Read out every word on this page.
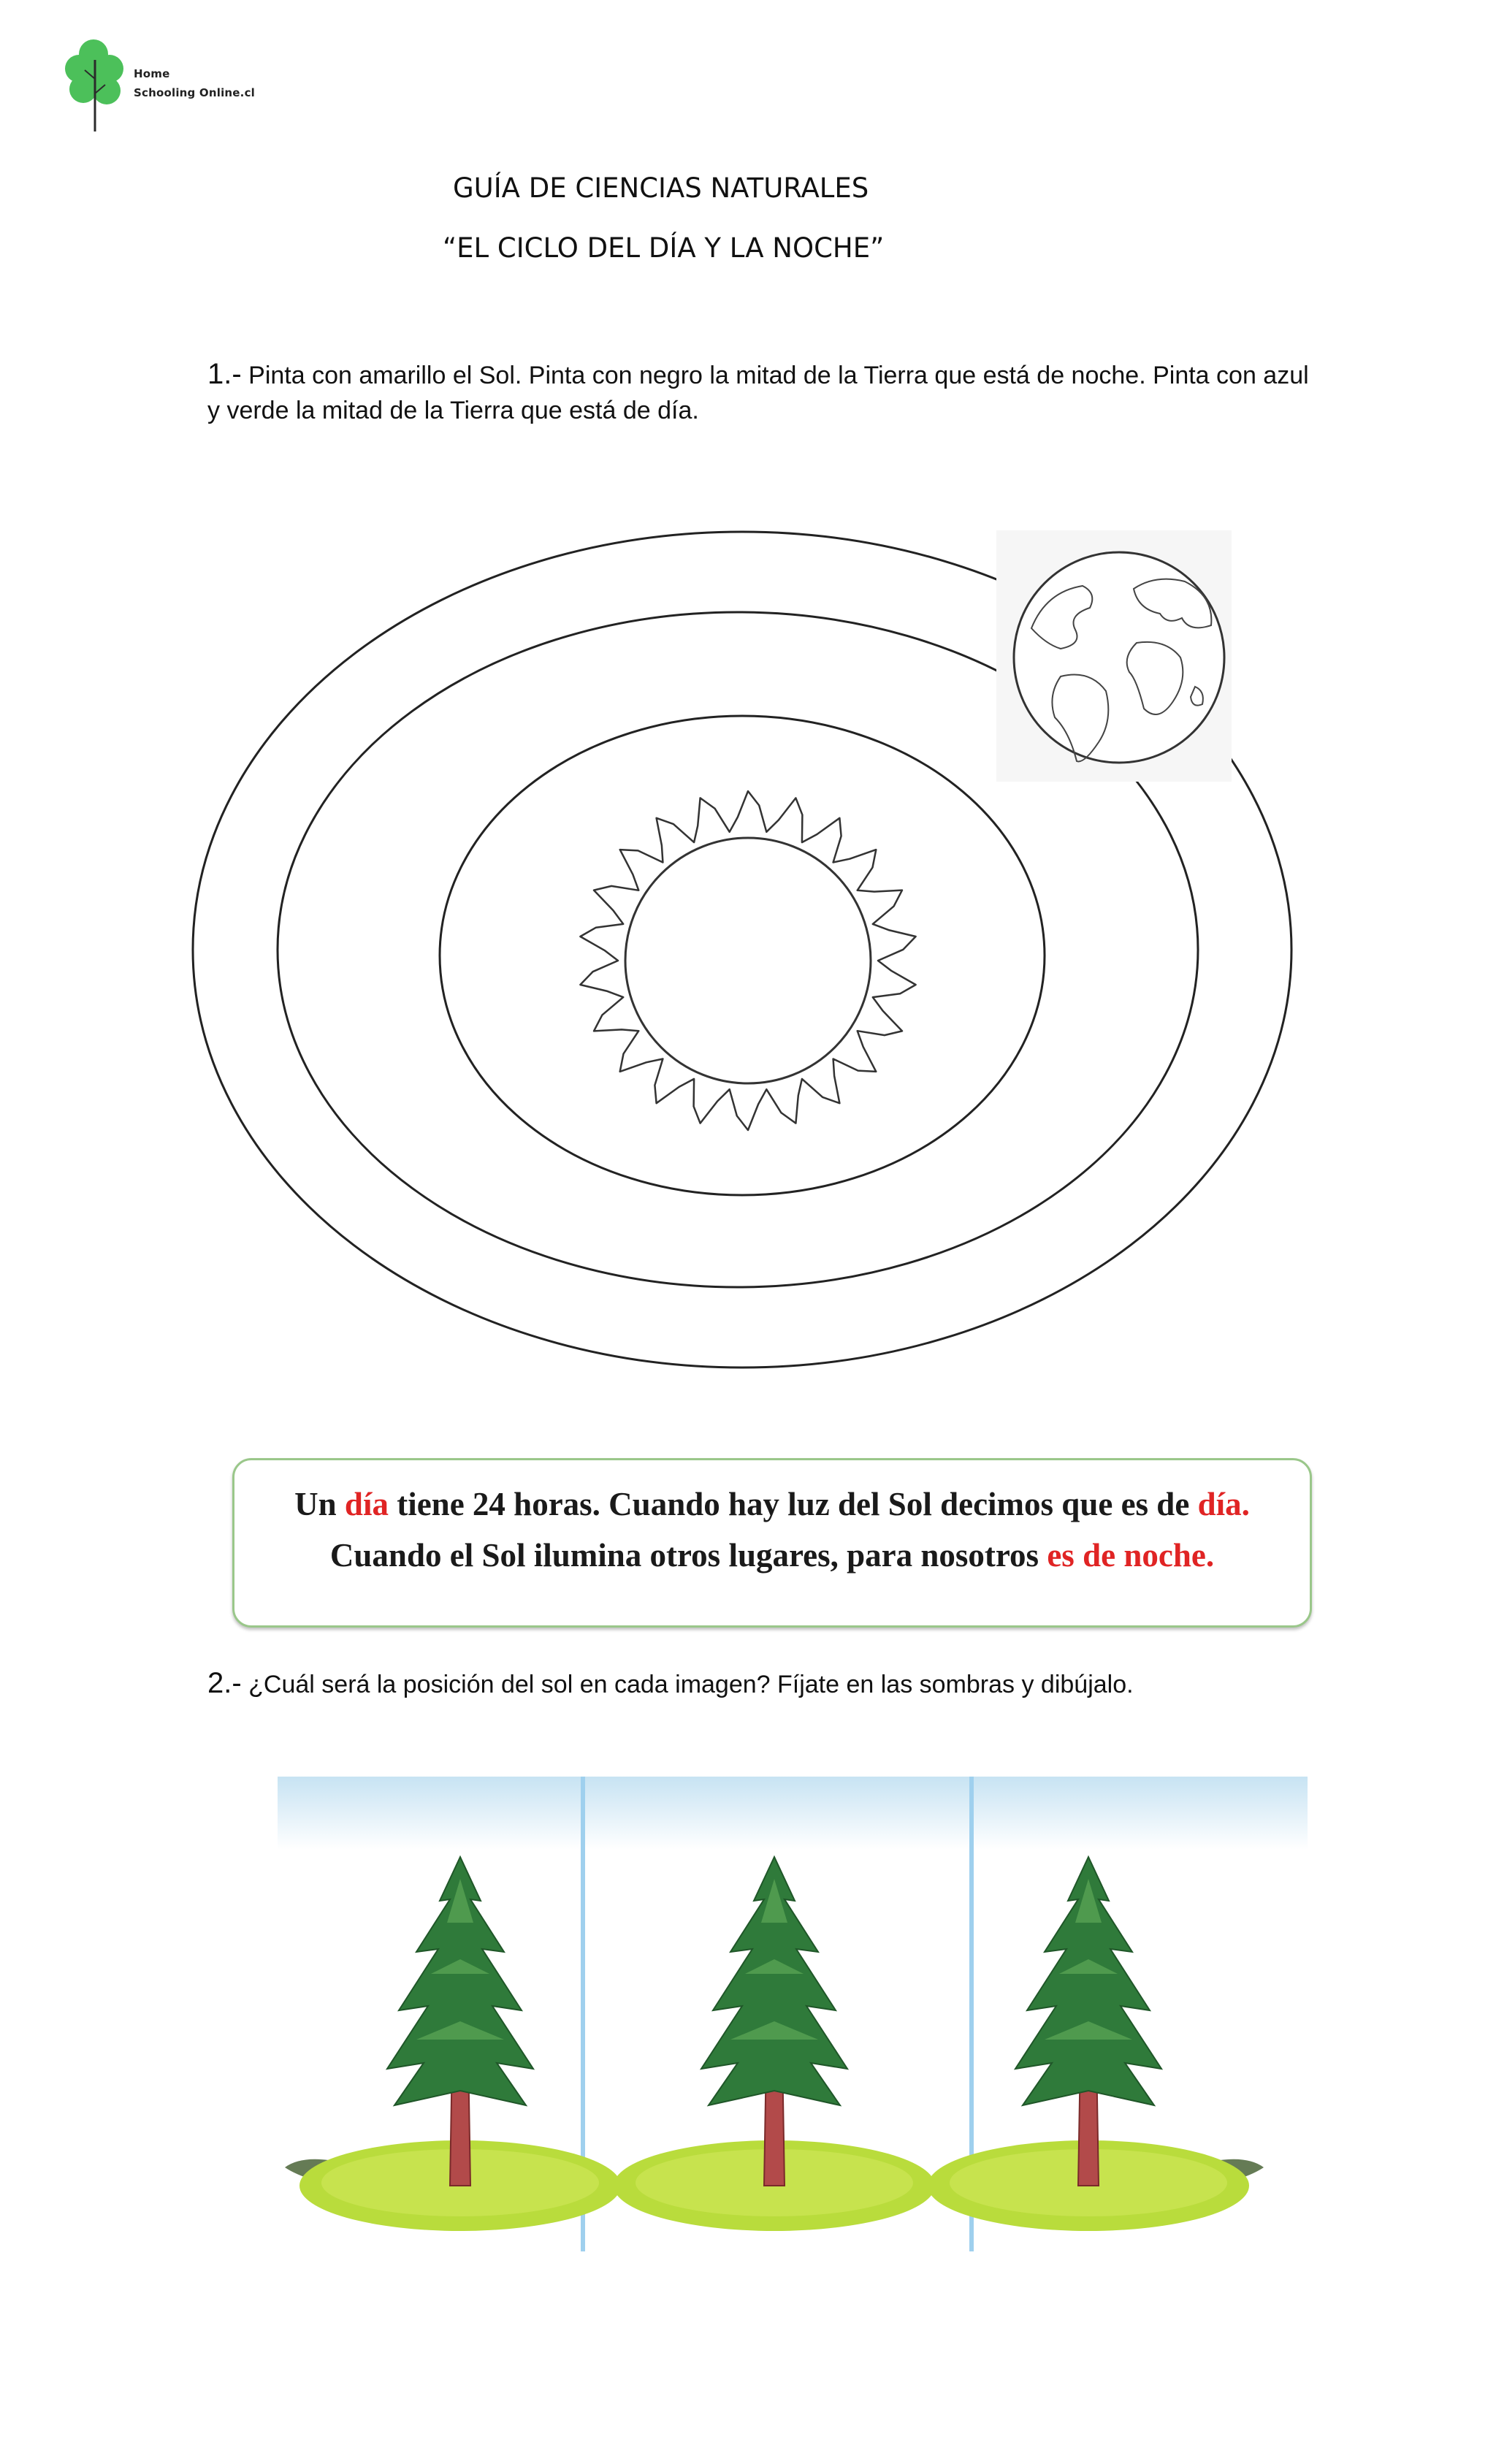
Home
Schooling Online.cl
GUÍA DE CIENCIAS NATURALES
“EL CICLO DEL DÍA Y LA NOCHE”
1.- Pinta con amarillo el Sol. Pinta con negro la mitad de la Tierra que está de noche. Pinta con azul
y verde la mitad de la Tierra que está de día.
Un día tiene 24 horas. Cuando hay luz del Sol decimos que es de día.
Cuando el Sol ilumina otros lugares, para nosotros es de noche.
2.- ¿Cuál será la posición del sol en cada imagen? Fíjate en las sombras y dibújalo.
